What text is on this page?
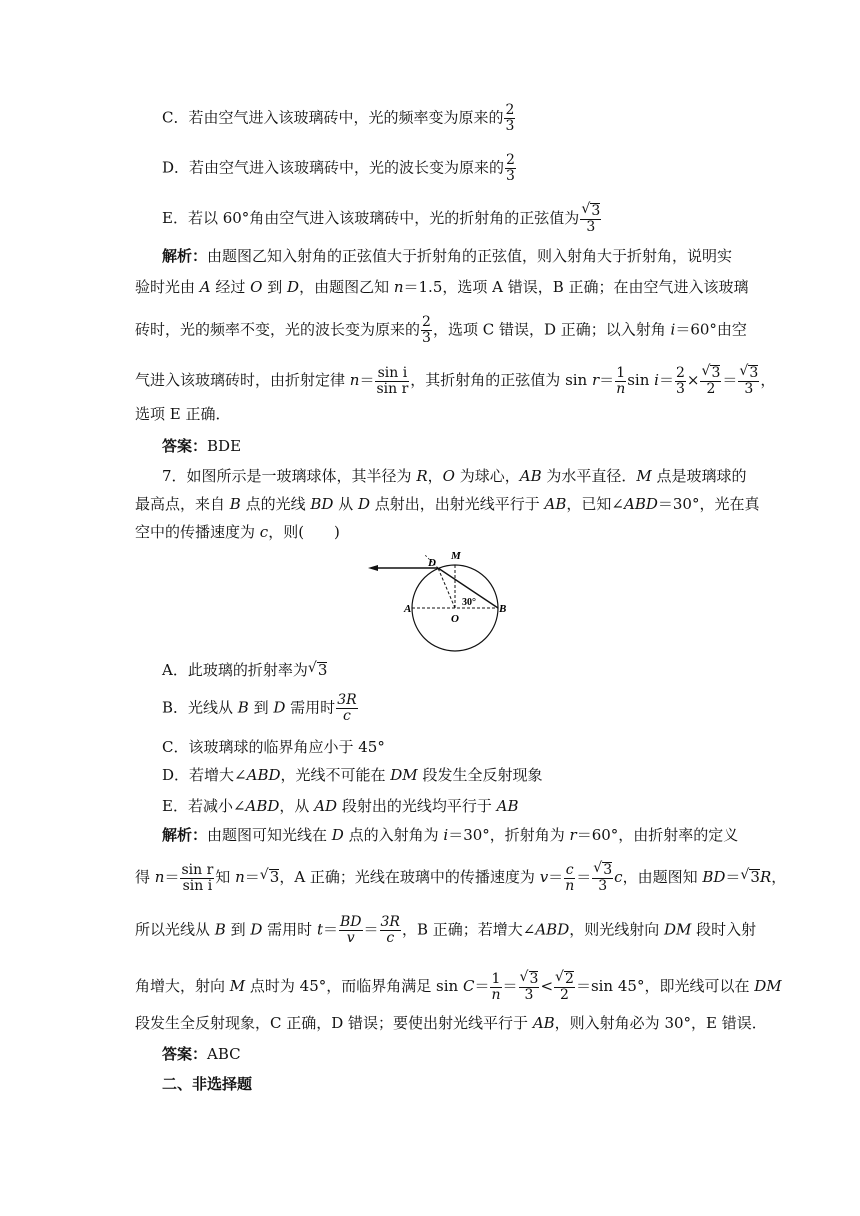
C．若由空气进入该玻璃砖中，光的频率变为原来的 $\frac{2}{3}$
D．若由空气进入该玻璃砖中，光的波长变为原来的 $\frac{2}{3}$
E．若以 60°角由空气进入该玻璃砖中，光的折射角的正弦值为 √ $\frac{3}{3}$
解析：由题图乙知入射角的正弦值大于折射角的正弦值，则入射角大于折射角，说明实
验时光由 A 经过 O 到 D，由题图乙知 n＝1.5，选项 A 错误，B 正确；在由空气进入该玻璃
砖时，光的频率不变，光的波长变为原来的 $\frac{2}{3}$ ，选项 C 错误，D 正确；以入射角 i＝60°由空
气进入该玻璃砖时，由折射定律 $n= \frac{\text{sin i}}{\text{sin r}}$ ，其折射角的正弦值为 $\sin r= \frac{1}{n}$ $\sin i= \frac{2}{3}$ × √ $\frac{3}{2}$ ＝ √ $\frac{3}{3}$ ，
选项 E 正确．
答案：BDE
7．如图所示是一玻璃球体，其半径为 R，O 为球心，AB 为水平直径．M 点是玻璃球的
最高点，来自 B 点的光线 BD 从 D 点射出，出射光线平行于 AB，已知∠ABD＝30°，光在真
空中的传播速度为 c，则(　　)
D
M
A
O
B
30°
A．此玻璃的折射率为 √ 3
B．光线从 B 到 D 需用时 $\frac{3R}{c}$
C．该玻璃球的临界角应小于 45°
D．若增大∠ABD，光线不可能在 DM 段发生全反射现象
E．若减小∠ABD，从 AD 段射出的光线均平行于 AB
解析：由题图可知光线在 D 点的入射角为 i＝30°，折射角为 r＝60°，由折射率的定义
得 $n= \frac{\text{sin r}}{\text{sin i}}$ 知 n＝ √ 3，A 正确；光线在玻璃中的传播速度为 $v= \frac{c}{n}$ ＝ √ $\frac{3}{3}$ c，由题图知 BD＝ √ 3R，
所以光线从 B 到 D 需用时 $t= \frac{BD}{v} = \frac{3R}{c}$ ，B 正确；若增大∠ABD，则光线射向 DM 段时入射
角增大，射向 M 点时为 45°，而临界角满足 $\sin C= \frac{1}{n}$ ＝ √ $\frac{3}{3}$ < √ $\frac{2}{2} =\sin$ 45°，即光线可以在 DM
段发生全反射现象，C 正确，D 错误；要使出射光线平行于 AB，则入射角必为 30°，E 错误．
答案：ABC
二、非选择题
